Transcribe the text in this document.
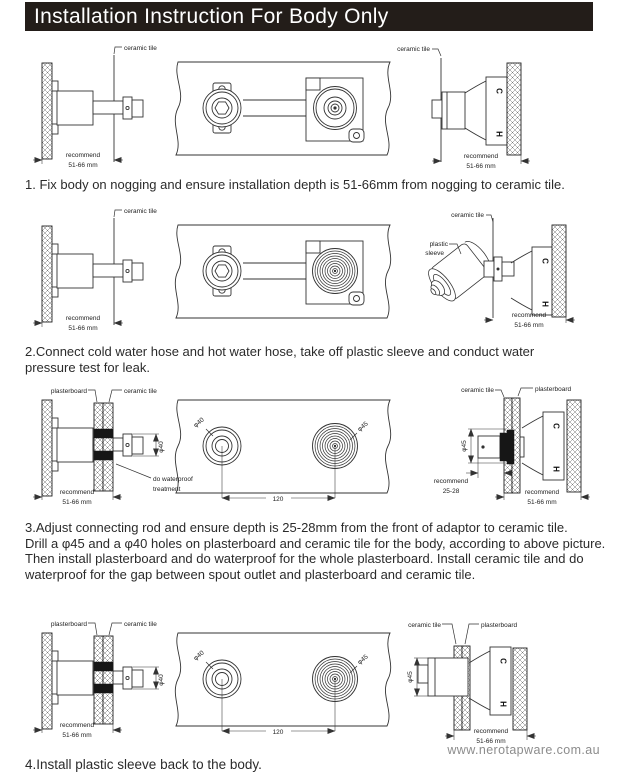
Installation Instruction For Body Only
ceramic tile
recommend
51-66 mm
1. Fix body on nogging and ensure installation depth is 51-66mm from nogging to ceramic tile.
plastic
sleeve
ceramic tile
recommend
51-66 mm
2.Connect cold water hose and hot water hose, take off plastic sleeve and conduct water pressure test for leak.
plasterboard	ceramic tile
φ40
recommend
51-66 mm	120
φ40	φ45
do waterproof
treatment
ceramic tile	plasterboard
φ45
recommend
25-28	recommend
51-66 mm
3.Adjust connecting rod and ensure depth is 25-28mm from the front of adaptor to ceramic tile.
Drill a φ45 and a φ40 holes on plasterboard and ceramic tile for the body, according to above picture. Then install plasterboard and do waterproof for the whole plasterboard. Install ceramic tile and do waterproof for the gap between spout outlet and plasterboard and ceramic tile.
ceramic tile	plasterboard
φ45
recommend
51-66 mm
4.Install plastic sleeve back to the body.
www.nerotapware.com.au
